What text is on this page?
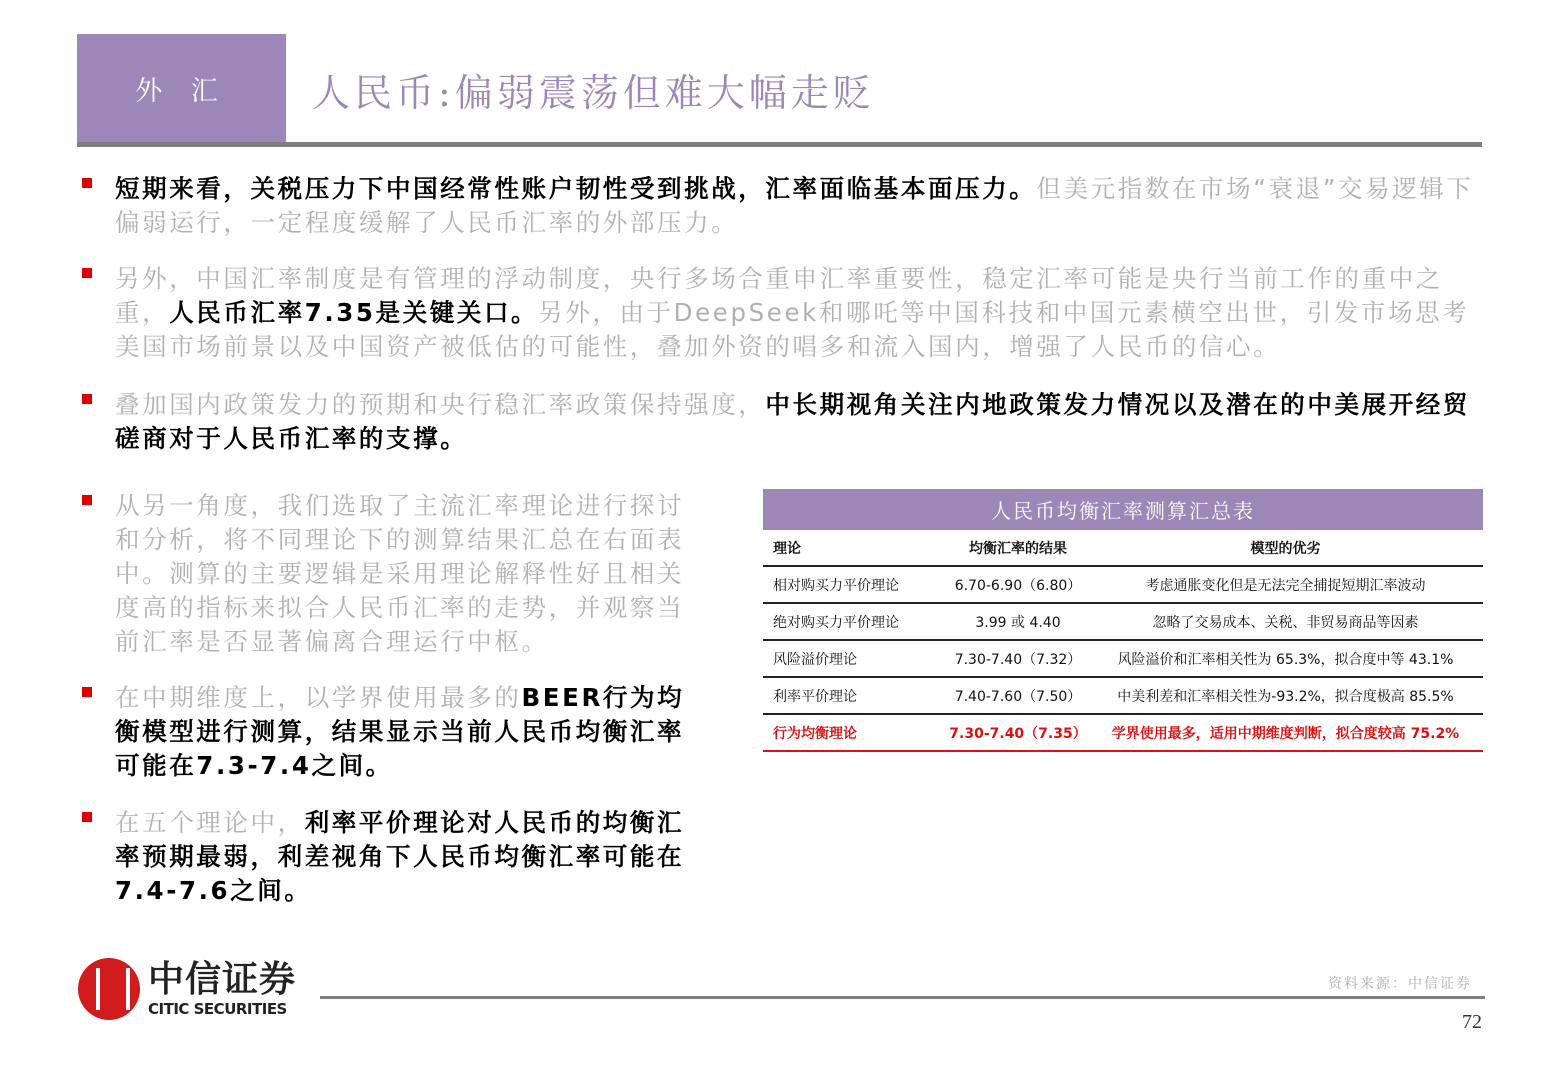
外 汇	人民币:偏弱震荡但难大幅走贬
短期来看，关税压力下中国经常性账户韧性受到挑战，汇率面临基本面压力。但美元指数在市场“衰退”交易逻辑下偏弱运行，一定程度缓解了人民币汇率的外部压力。
另外，中国汇率制度是有管理的浮动制度，央行多场合重申汇率重要性，稳定汇率可能是央行当前工作的重中之重，人民币汇率7.35是关键关口。另外，由于DeepSeek和哪吒等中国科技和中国元素横空出世，引发市场思考美国市场前景以及中国资产被低估的可能性，叠加外资的唱多和流入国内，增强了人民币的信心。
叠加国内政策发力的预期和央行稳汇率政策保持强度，中长期视角关注内地政策发力情况以及潜在的中美展开经贸磋商对于人民币汇率的支撑。
从另一角度，我们选取了主流汇率理论进行探讨和分析，将不同理论下的测算结果汇总在右面表中。测算的主要逻辑是采用理论解释性好且相关度高的指标来拟合人民币汇率的走势，并观察当前汇率是否显著偏离合理运行中枢。
在中期维度上，以学界使用最多的BEER行为均衡模型进行测算，结果显示当前人民币均衡汇率可能在7.3-7.4之间。
在五个理论中，利率平价理论对人民币的均衡汇率预期最弱，利差视角下人民币均衡汇率可能在7.4-7.6之间。
人民币均衡汇率测算汇总表
理论	均衡汇率的结果	模型的优劣
相对购买力平价理论	6.70-6.90（6.80）	考虑通胀变化但是无法完全捕捉短期汇率波动
绝对购买力平价理论	3.99 或 4.40	忽略了交易成本、关税、非贸易商品等因素
风险溢价理论	7.30-7.40（7.32）	风险溢价和汇率相关性为 65.3%，拟合度中等 43.1%
利率平价理论	7.40-7.60（7.50）	中美利差和汇率相关性为-93.2%，拟合度极高 85.5%
行为均衡理论	7.30-7.40（7.35）	学界使用最多，适用中期维度判断，拟合度较高 75.2%
中信证券
CITIC SECURITIES
资料来源：中信证券
72
